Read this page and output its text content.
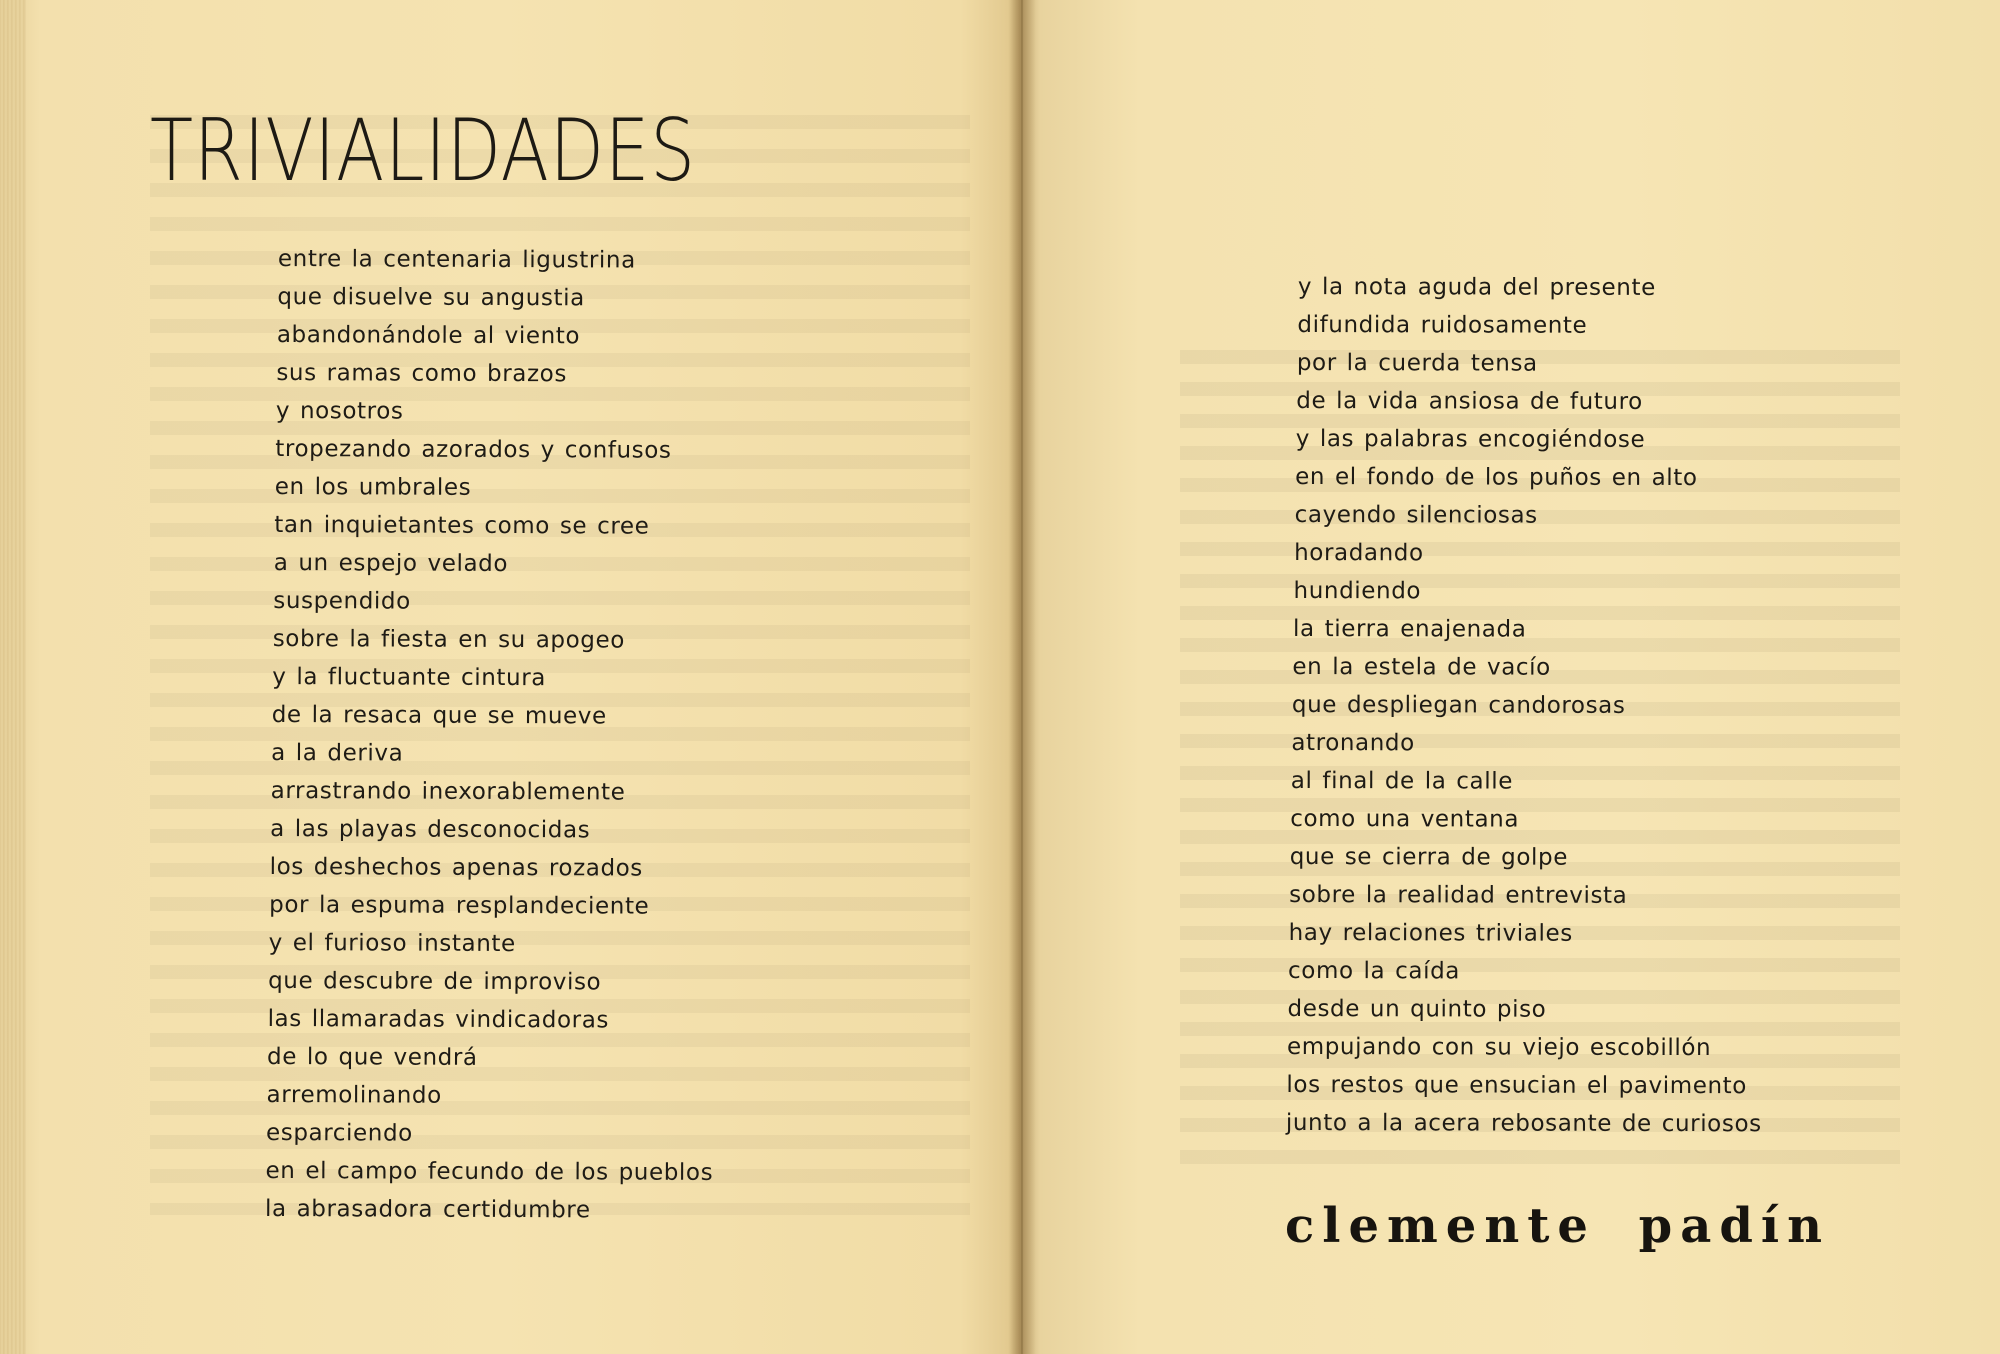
TRIVIALIDADES
entre la centenaria ligustrina
que disuelve su angustia
abandonándole al viento
sus ramas como brazos
y nosotros
tropezando azorados y confusos
en los umbrales
tan inquietantes como se cree
a un espejo velado
suspendido
sobre la fiesta en su apogeo
y la fluctuante cintura
de la resaca que se mueve
a la deriva
arrastrando inexorablemente
a las playas desconocidas
los deshechos apenas rozados
por la espuma resplandeciente
y el furioso instante
que descubre de improviso
las llamaradas vindicadoras
de lo que vendrá
arremolinando
esparciendo
en el campo fecundo de los pueblos
la abrasadora certidumbre
y la nota aguda del presente
difundida ruidosamente
por la cuerda tensa
de la vida ansiosa de futuro
y las palabras encogiéndose
en el fondo de los puños en alto
cayendo silenciosas
horadando
hundiendo
la tierra enajenada
en la estela de vacío
que despliegan candorosas
atronando
al final de la calle
como una ventana
que se cierra de golpe
sobre la realidad entrevista
hay relaciones triviales
como la caída
desde un quinto piso
empujando con su viejo escobillón
los restos que ensucian el pavimento
junto a la acera rebosante de curiosos

clemente padín
